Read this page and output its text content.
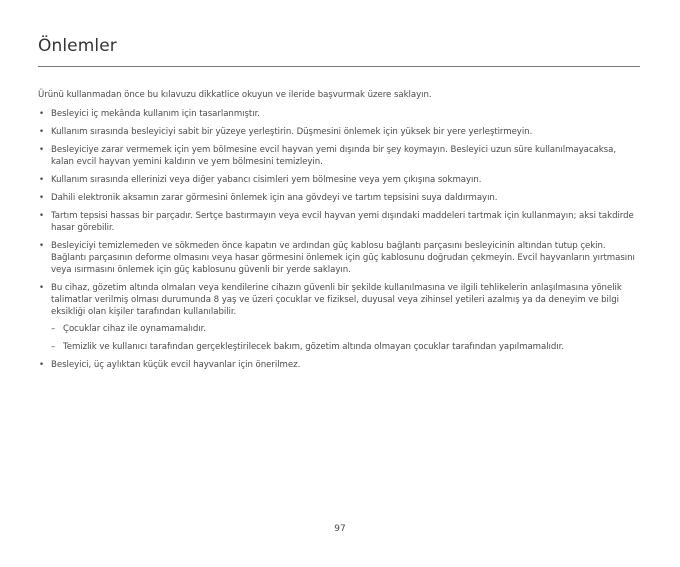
Önlemler

Ürünü kullanmadan önce bu kılavuzu dikkatlice okuyun ve ileride başvurmak üzere saklayın.

• Besleyici iç mekânda kullanım için tasarlanmıştır.
• Kullanım sırasında besleyiciyi sabit bir yüzeye yerleştirin. Düşmesini önlemek için yüksek bir yere yerleştirmeyin.
• Besleyiciye zarar vermemek için yem bölmesine evcil hayvan yemi dışında bir şey koymayın. Besleyici uzun süre kullanılmayacaksa, kalan evcil hayvan yemini kaldırın ve yem bölmesini temizleyin.
• Kullanım sırasında ellerinizi veya diğer yabancı cisimleri yem bölmesine veya yem çıkışına sokmayın.
• Dahili elektronik aksamın zarar görmesini önlemek için ana gövdeyi ve tartım tepsisini suya daldırmayın.
• Tartım tepsisi hassas bir parçadır. Sertçe bastırmayın veya evcil hayvan yemi dışındaki maddeleri tartmak için kullanmayın; aksi takdirde hasar görebilir.
• Besleyiciyi temizlemeden ve sökmeden önce kapatın ve ardından güç kablosu bağlantı parçasını besleyicinin altından tutup çekin. Bağlantı parçasının deforme olmasını veya hasar görmesini önlemek için güç kablosunu doğrudan çekmeyin. Evcil hayvanların yırtmasını veya ısırmasını önlemek için güç kablosunu güvenli bir yerde saklayın.
• Bu cihaz, gözetim altında olmaları veya kendilerine cihazın güvenli bir şekilde kullanılmasına ve ilgili tehlikelerin anlaşılmasına yönelik talimatlar verilmiş olması durumunda 8 yaş ve üzeri çocuklar ve fiziksel, duyusal veya zihinsel yetileri azalmış ya da deneyim ve bilgi eksikliği olan kişiler tarafından kullanılabilir.
– Çocuklar cihaz ile oynamamalıdır.
– Temizlik ve kullanıcı tarafından gerçekleştirilecek bakım, gözetim altında olmayan çocuklar tarafından yapılmamalıdır.
• Besleyici, üç aylıktan küçük evcil hayvanlar için önerilmez.
97
